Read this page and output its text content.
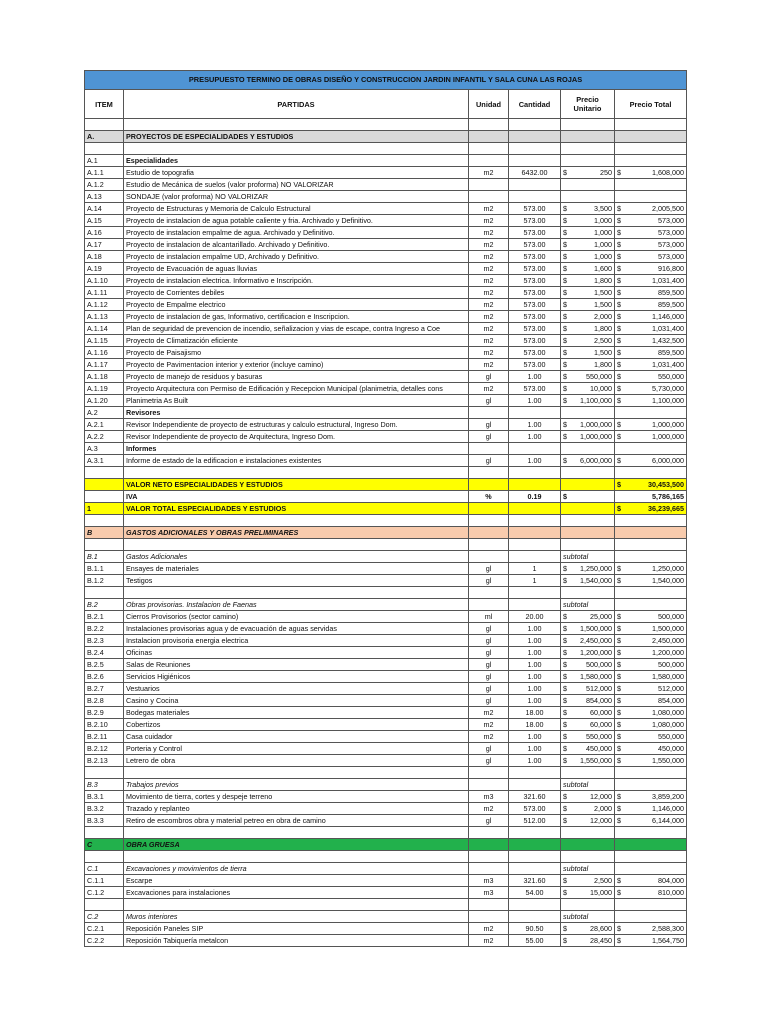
PRESUPUESTO TERMINO DE OBRAS DISEÑO Y CONSTRUCCION JARDIN INFANTIL Y SALA CUNA LAS ROJAS					
ITEM	PARTIDAS	Unidad	Cantidad	Precio Unitario	Precio Total

A.	PROYECTOS DE ESPECIALIDADES Y ESTUDIOS				

A.1	Especialidades				
A.1.1	Estudio de topografia	m2	6432.00	$ 250	$ 1,608,000

A.1.2	Estudio de Mecánica de suelos (valor proforma) NO VALORIZAR				
A.13	SONDAJE (valor proforma) NO VALORIZAR				
A.14	Proyecto de Estructuras y Memoria de Calculo Estructural	m2	573.00	$ 3,500	$ 2,005,500

A.15	Proyecto de instalacion de agua potable caliente y fria. Archivado y Definitivo.	m2	573.00	$ 1,000	$ 573,000

A.16	Proyecto de instalacion empalme de agua. Archivado y Definitivo.	m2	573.00	$ 1,000	$ 573,000

A.17	Proyecto de instalacion de alcantarillado. Archivado y Definitivo.	m2	573.00	$ 1,000	$ 573,000

A.18	Proyecto de instalacion empalme UD, Archivado y Definitivo.	m2	573.00	$ 1,000	$ 573,000

A.19	Proyecto de Evacuación de aguas lluvias	m2	573.00	$ 1,600	$ 916,800

A.1.10	Proyecto de instalacion electrica. Informativo e Inscripción.	m2	573.00	$ 1,800	$ 1,031,400

A.1.11	Proyecto de Corrientes debiles	m2	573.00	$ 1,500	$ 859,500

A.1.12	Proyecto de Empalme electrico	m2	573.00	$ 1,500	$ 859,500

A.1.13	Proyecto de instalacion de gas, Informativo, certificacion e Inscripcion.	m2	573.00	$ 2,000	$ 1,146,000

A.1.14	Plan de seguridad de prevencion de incendio, señalizacion y vias de escape, contra Ingreso a Coe	m2	573.00	$ 1,800	$ 1,031,400

A.1.15	Proyecto de Climatización eficiente	m2	573.00	$ 2,500	$ 1,432,500

A.1.16	Proyecto de Paisajismo	m2	573.00	$ 1,500	$ 859,500

A.1.17	Proyecto de Pavimentacion interior y exterior (incluye camino)	m2	573.00	$ 1,800	$ 1,031,400

A.1.18	Proyecto de manejo de residuos y basuras	gl	1.00	$ 550,000	$ 550,000

A.1.19	Proyecto Arquitectura con Permiso de Edificación y Recepcion Municipal (planimetria, detalles cons	m2	573.00	$ 10,000	$ 5,730,000

A.1.20	Planimetria As Built	gl	1.00	$ 1,100,000	$ 1,100,000

A.2	Revisores				
A.2.1	Revisor Independiente de proyecto de estructuras y calculo estructural, Ingreso Dom.	gl	1.00	$ 1,000,000	$ 1,000,000

A.2.2	Revisor Independiente de proyecto de Arquitectura, Ingreso Dom.	gl	1.00	$ 1,000,000	$ 1,000,000

A.3	Informes				
A.3.1	Informe de estado de la edificacion e instalaciones existentes	gl	1.00	$ 6,000,000	$ 6,000,000

	VALOR NETO ESPECIALIDADES Y ESTUDIOS				$ 30,453,500

	IVA	%	0.19	$	5,786,165

1	VALOR TOTAL ESPECIALIDADES Y ESTUDIOS				$ 36,239,665

B	GASTOS ADICIONALES Y OBRAS PRELIMINARES				

B.1	Gastos Adicionales			subtotal	
B.1.1	Ensayes de materiales	gl	1	$ 1,250,000	$ 1,250,000

B.1.2	Testigos	gl	1	$ 1,540,000	$ 1,540,000

B.2	Obras provisorias. Instalacion de Faenas			subtotal	
B.2.1	Cierros Provisorios (sector camino)	ml	20.00	$ 25,000	$ 500,000

B.2.2	Instalaciones provisorias agua y de evacuación de aguas servidas	gl	1.00	$ 1,500,000	$ 1,500,000

B.2.3	Instalacion provisoria energia electrica	gl	1.00	$ 2,450,000	$ 2,450,000

B.2.4	Oficinas	gl	1.00	$ 1,200,000	$ 1,200,000

B.2.5	Salas de Reuniones	gl	1.00	$ 500,000	$ 500,000

B.2.6	Servicios Higiénicos	gl	1.00	$ 1,580,000	$ 1,580,000

B.2.7	Vestuarios	gl	1.00	$ 512,000	$ 512,000

B.2.8	Casino y Cocina	gl	1.00	$ 854,000	$ 854,000

B.2.9	Bodegas materiales	m2	18.00	$ 60,000	$ 1,080,000

B.2.10	Cobertizos	m2	18.00	$ 60,000	$ 1,080,000

B.2.11	Casa cuidador	m2	1.00	$ 550,000	$ 550,000

B.2.12	Porteria y Control	gl	1.00	$ 450,000	$ 450,000

B.2.13	Letrero de obra	gl	1.00	$ 1,550,000	$ 1,550,000

B.3	Trabajos previos			subtotal	
B.3.1	Movimiento de tierra, cortes y despeje terreno	m3	321.60	$ 12,000	$ 3,859,200

B.3.2	Trazado y replanteo	m2	573.00	$ 2,000	$ 1,146,000

B.3.3	Retiro de escombros obra y material petreo en obra de camino	gl	512.00	$ 12,000	$ 6,144,000

C	OBRA GRUESA				

C.1	Excavaciones y movimientos de tierra			subtotal	
C.1.1	Escarpe	m3	321.60	$ 2,500	$ 804,000

C.1.2	Excavaciones para instalaciones	m3	54.00	$ 15,000	$ 810,000

C.2	Muros interiores			subtotal	
C.2.1	Reposición Paneles SIP	m2	90.50	$ 28,600	$ 2,588,300

C.2.2	Reposición Tabiquería metalcon	m2	55.00	$ 28,450	$ 1,564,750
